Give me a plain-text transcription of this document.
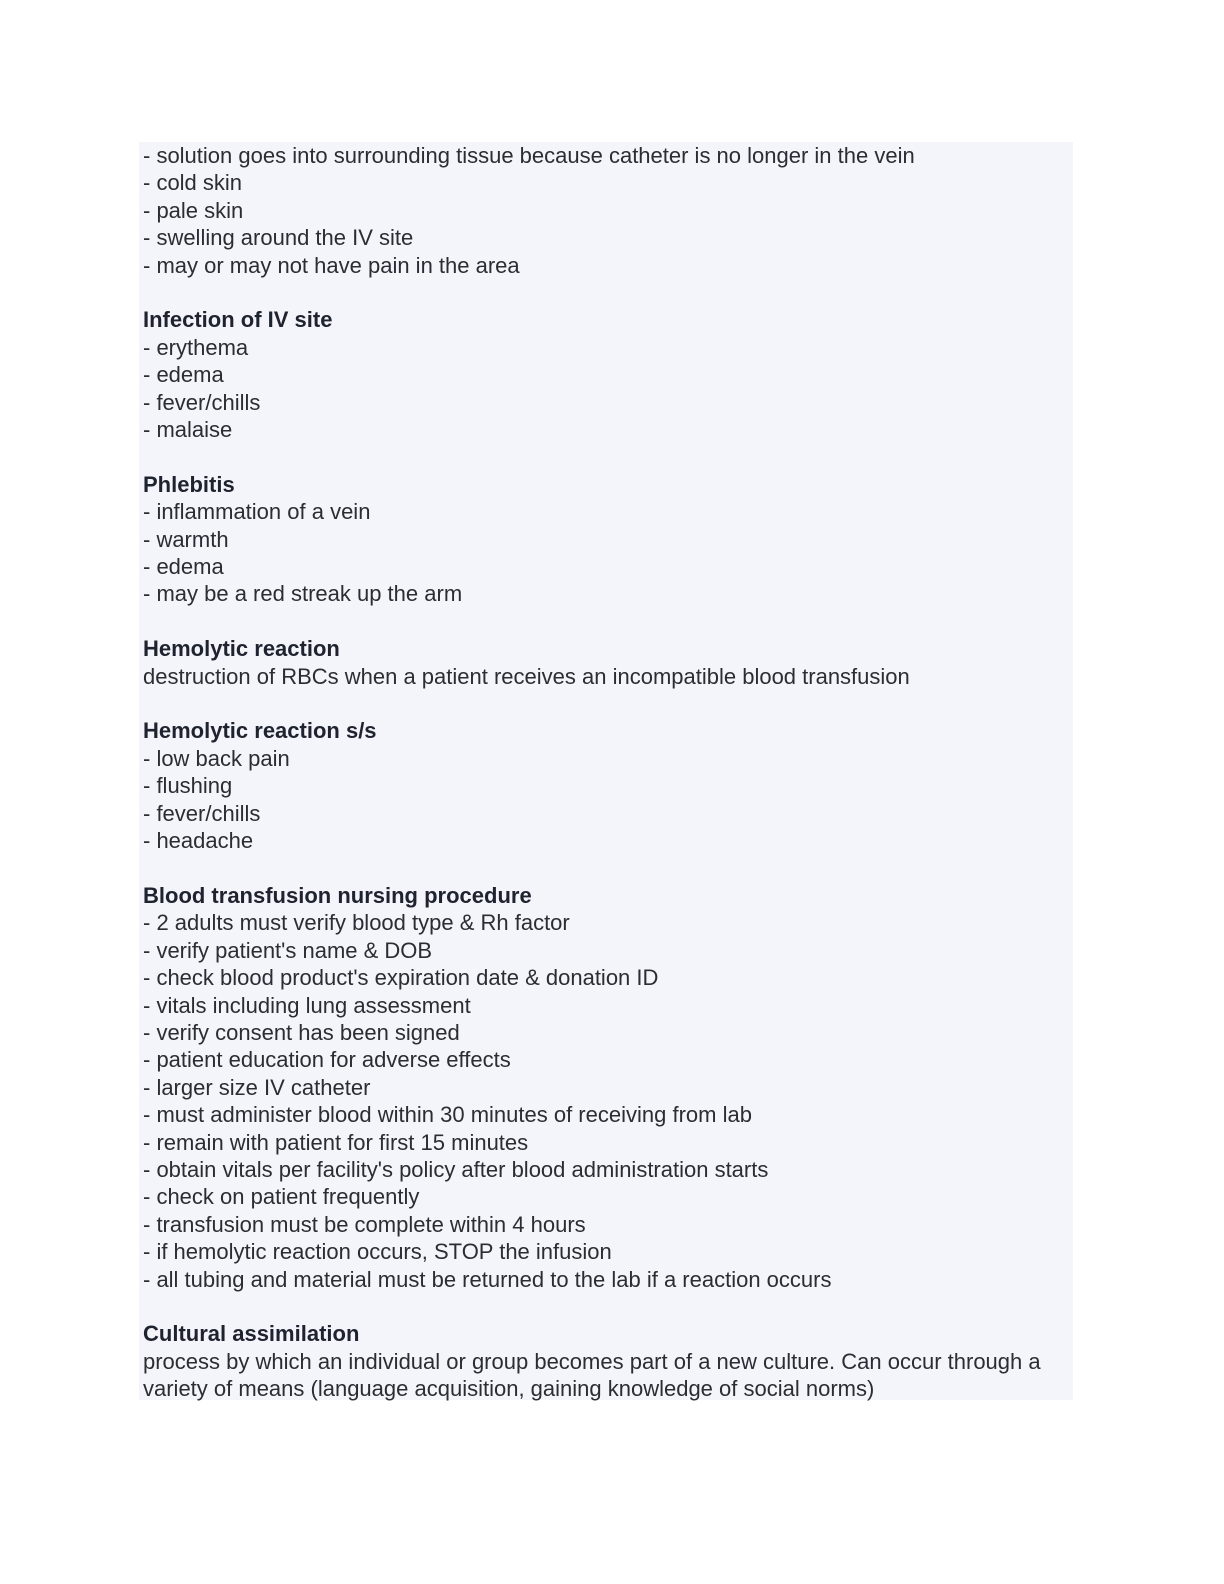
- solution goes into surrounding tissue because catheter is no longer in the vein
- cold skin
- pale skin
- swelling around the IV site
- may or may not have pain in the area
Infection of IV site
- erythema
- edema
- fever/chills
- malaise
Phlebitis
- inflammation of a vein
- warmth
- edema
- may be a red streak up the arm
Hemolytic reaction
destruction of RBCs when a patient receives an incompatible blood transfusion
Hemolytic reaction s/s
- low back pain
- flushing
- fever/chills
- headache
Blood transfusion nursing procedure
- 2 adults must verify blood type & Rh factor
- verify patient's name & DOB
- check blood product's expiration date & donation ID
- vitals including lung assessment
- verify consent has been signed
- patient education for adverse effects
- larger size IV catheter
- must administer blood within 30 minutes of receiving from lab
- remain with patient for first 15 minutes
- obtain vitals per facility's policy after blood administration starts
- check on patient frequently
- transfusion must be complete within 4 hours
- if hemolytic reaction occurs, STOP the infusion
- all tubing and material must be returned to the lab if a reaction occurs
Cultural assimilation
process by which an individual or group becomes part of a new culture. Can occur through a variety of means (language acquisition, gaining knowledge of social norms)
